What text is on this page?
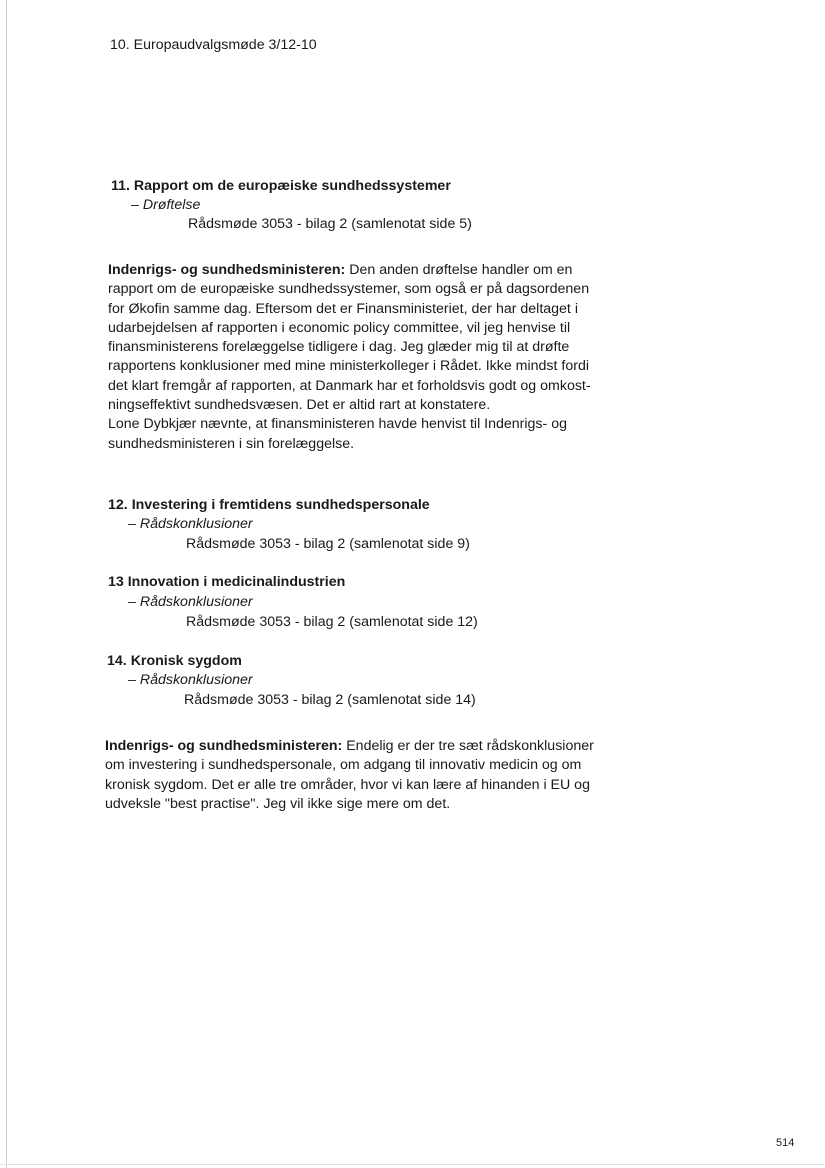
10. Europaudvalgsmøde 3/12-10
11. Rapport om de europæiske sundhedssystemer
– Drøftelse
Rådsmøde 3053 - bilag 2 (samlenotat side 5)
Indenrigs- og sundhedsministeren: Den anden drøftelse handler om en
rapport om de europæiske sundhedssystemer, som også er på dagsordenen
for Økofin samme dag. Eftersom det er Finansministeriet, der har deltaget i
udarbejdelsen af rapporten i economic policy committee, vil jeg henvise til
finansministerens forelæggelse tidligere i dag. Jeg glæder mig til at drøfte
rapportens konklusioner med mine ministerkolleger i Rådet. Ikke mindst fordi
det klart fremgår af rapporten, at Danmark har et forholdsvis godt og omkost-
ningseffektivt sundhedsvæsen. Det er altid rart at konstatere.
Lone Dybkjær nævnte, at finansministeren havde henvist til Indenrigs- og
sundhedsministeren i sin forelæggelse.
12. Investering i fremtidens sundhedspersonale
– Rådskonklusioner
Rådsmøde 3053 - bilag 2 (samlenotat side 9)
13 Innovation i medicinalindustrien
– Rådskonklusioner
Rådsmøde 3053 - bilag 2 (samlenotat side 12)
14. Kronisk sygdom
– Rådskonklusioner
Rådsmøde 3053 - bilag 2 (samlenotat side 14)
Indenrigs- og sundhedsministeren: Endelig er der tre sæt rådskonklusioner
om investering i sundhedspersonale, om adgang til innovativ medicin og om
kronisk sygdom. Det er alle tre områder, hvor vi kan lære af hinanden i EU og
udveksle "best practise". Jeg vil ikke sige mere om det.
514
